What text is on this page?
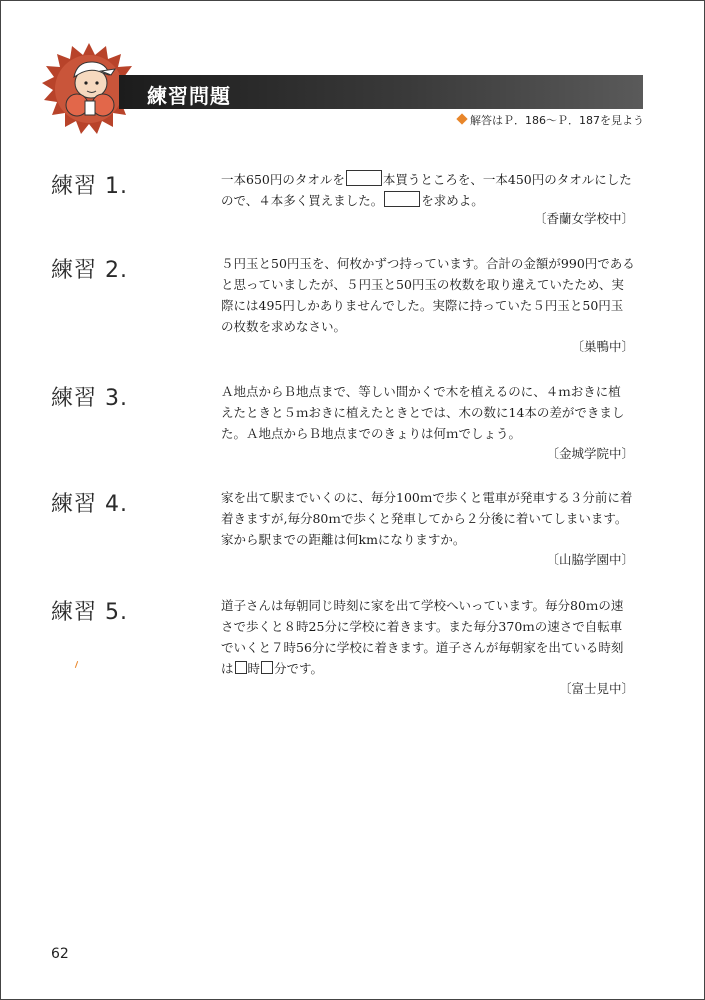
練習問題
解答はＰ．186～Ｐ．187を見よう
練習 1.	一本650円のタオルを	本買うところを、一本450円のタオルにした
ので、４本多く買えました。	を求めよ。
〔香蘭女学校中〕
練習 2.	５円玉と50円玉を、何枚かずつ持っています。合計の金額が990円である
と思っていましたが、５円玉と50円玉の枚数を取り違えていたため、実
際には495円しかありませんでした。実際に持っていた５円玉と50円玉
の枚数を求めなさい。
〔巣鴨中〕
練習 3.	Ａ地点からＢ地点まで、等しい間かくで木を植えるのに、４ｍおきに植
えたときと５ｍおきに植えたときとでは、木の数に14本の差ができまし
た。Ａ地点からＢ地点までのきょりは何ｍでしょう。
〔金城学院中〕
練習 4.	家を出て駅までいくのに、毎分100ｍで歩くと電車が発車する３分前に着
着きますが,毎分80ｍで歩くと発車してから２分後に着いてしまいます。
家から駅までの距離は何kmになりますか。
〔山脇学園中〕
練習 5.	道子さんは毎朝同じ時刻に家を出て学校へいっています。毎分80ｍの速
さで歩くと８時25分に学校に着きます。また毎分370ｍの速さで自転車
でいくと７時56分に学校に着きます。道子さんが毎朝家を出ている時刻
は 時 分です。
〔富士見中〕
62
